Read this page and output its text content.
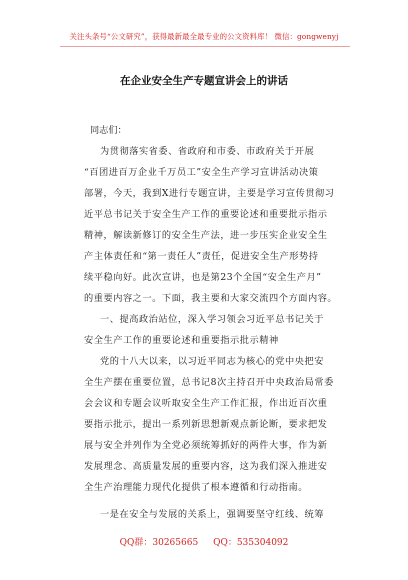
关注头条号“公文研究”，获得最新最全最专业的公文资料库！ 微信：gongwenyj
在企业安全生产专题宣讲会上的讲话
同志们：
为贯彻落实省委、省政府和市委、市政府关于开展
“百团进百万企业千万员工”安全生产学习宣讲活动决策
部署，今天，我到X进行专题宣讲，主要是学习宣传贯彻习
近平总书记关于安全生产工作的重要论述和重要批示指示
精神，解读新修订的安全生产法，进一步压实企业安全生
产主体责任和“第一责任人”责任，促进安全生产形势持
续平稳向好。此次宣讲，也是第23个全国“安全生产月”
的重要内容之一。下面，我主要和大家交流四个方面内容。
一、提高政治站位，深入学习领会习近平总书记关于
安全生产工作的重要论述和重要指示批示精神
党的十八大以来，以习近平同志为核心的党中央把安
全生产摆在重要位置，总书记8次主持召开中央政治局常委
会会议和专题会议听取安全生产工作汇报，作出近百次重
要指示批示，提出一系列新思想新观点新论断，要求把发
展与安全并列作为全党必须统筹抓好的两件大事，作为新
发展理念、高质量发展的重要内容，这为我们深入推进安
全生产治理能力现代化提供了根本遵循和行动指南。
一是在安全与发展的关系上，强调要坚守红线、统筹
QQ群：30265665 QQ：535304092
